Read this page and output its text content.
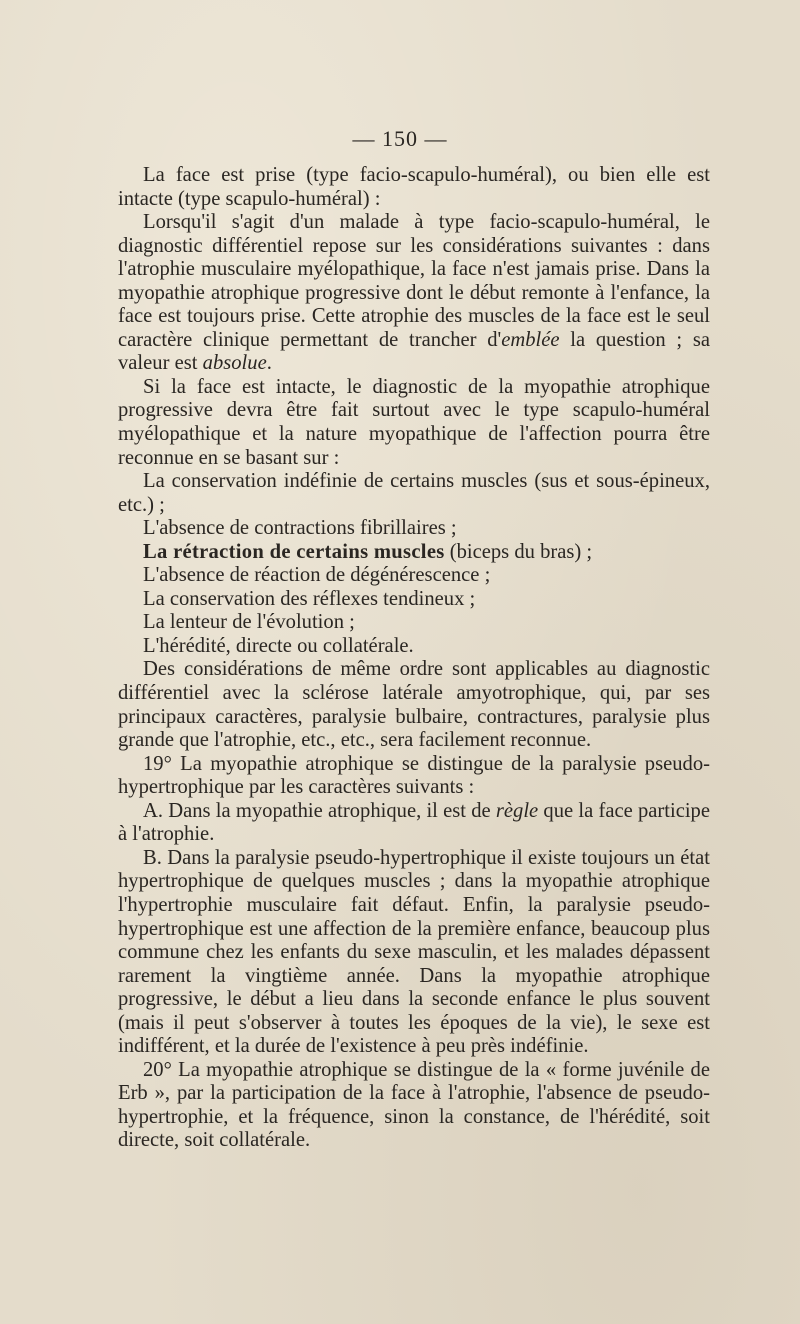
— 150 —

La face est prise (type facio-scapulo-huméral), ou bien elle est intacte (type scapulo-huméral) :

Lorsqu'il s'agit d'un malade à type facio-scapulo-huméral, le diagnostic différentiel repose sur les considérations suivantes : dans l'atrophie musculaire myélopathique, la face n'est jamais prise. Dans la myopathie atrophique progressive dont le début remonte à l'enfance, la face est toujours prise. Cette atrophie des muscles de la face est le seul caractère clinique permettant de trancher d'emblée la question ; sa valeur est absolue.

Si la face est intacte, le diagnostic de la myopathie atrophique progressive devra être fait surtout avec le type scapulo-huméral myélopathique et la nature myopathique de l'affection pourra être reconnue en se basant sur :

La conservation indéfinie de certains muscles (sus et sous-épineux, etc.) ;

L'absence de contractions fibrillaires ;

La rétraction de certains muscles (biceps du bras) ;

L'absence de réaction de dégénérescence ;

La conservation des réflexes tendineux ;

La lenteur de l'évolution ;

L'hérédité, directe ou collatérale.

Des considérations de même ordre sont applicables au diagnostic différentiel avec la sclérose latérale amyotrophique, qui, par ses principaux caractères, paralysie bulbaire, contractures, paralysie plus grande que l'atrophie, etc., etc., sera facilement reconnue.

19° La myopathie atrophique se distingue de la paralysie pseudo-hypertrophique par les caractères suivants :

A. Dans la myopathie atrophique, il est de règle que la face participe à l'atrophie.

B. Dans la paralysie pseudo-hypertrophique il existe toujours un état hypertrophique de quelques muscles ; dans la myopathie atrophique l'hypertrophie musculaire fait défaut. Enfin, la paralysie pseudo-hypertrophique est une affection de la première enfance, beaucoup plus commune chez les enfants du sexe masculin, et les malades dépassent rarement la vingtième année. Dans la myopathie atrophique progressive, le début a lieu dans la seconde enfance le plus souvent (mais il peut s'observer à toutes les époques de la vie), le sexe est indifférent, et la durée de l'existence à peu près indéfinie.

20° La myopathie atrophique se distingue de la « forme juvénile de Erb », par la participation de la face à l'atrophie, l'absence de pseudo-hypertrophie, et la fréquence, sinon la constance, de l'hérédité, soit directe, soit collatérale.
